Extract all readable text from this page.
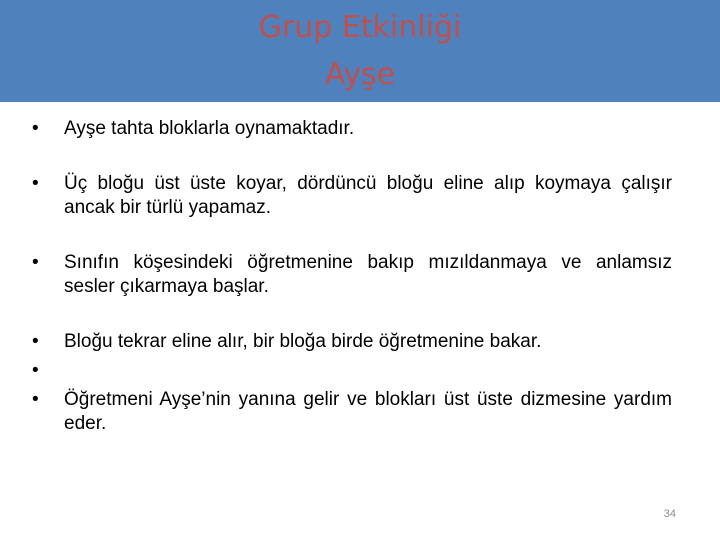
Grup Etkinliği
Ayşe
•	Ayşe tahta bloklarla oynamaktadır.
•	Üç bloğu üst üste koyar, dördüncü bloğu eline alıp koymaya çalışır ancak bir türlü yapamaz.
•	Sınıfın köşesindeki öğretmenine bakıp mızıldanmaya ve anlamsız sesler çıkarmaya başlar.
•	Bloğu tekrar eline alır, bir bloğa birde öğretmenine bakar.
•

•	Öğretmeni Ayşe’nin yanına gelir ve blokları üst üste dizmesine yardım eder.
34
